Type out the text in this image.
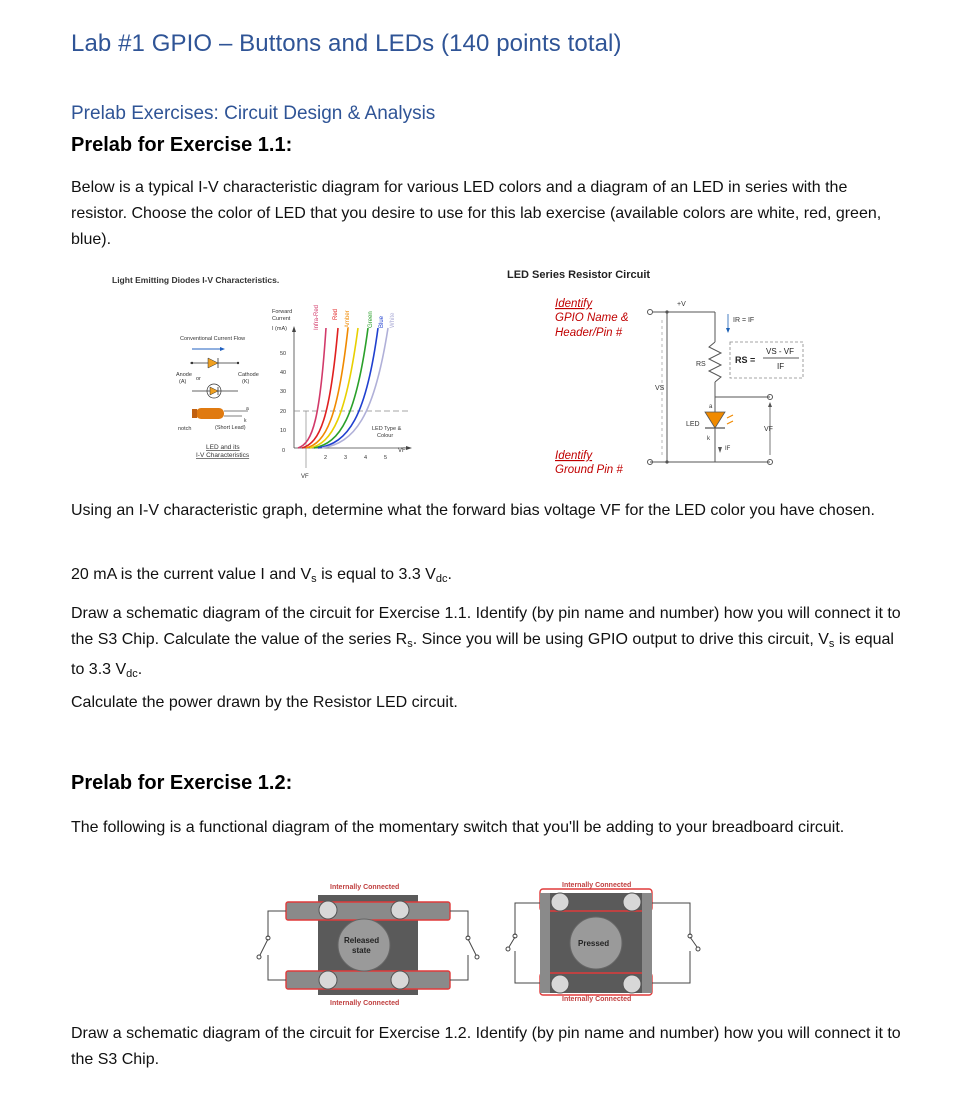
Lab #1 GPIO – Buttons and LEDs (140 points total)
Prelab Exercises: Circuit Design & Analysis
Prelab for Exercise 1.1:
Below is a typical I-V characteristic diagram for various LED colors and a diagram of an LED in series with the resistor. Choose the color of LED that you desire to use for this lab exercise (available colors are white, red, green, blue).
Light Emitting Diodes I-V Characteristics.
Forward
Current
I (mA)
0
10
20
30
40
50
2	3	4	5
VF
VF
Infra-Red Red Amber	Green Blue White
LED Type &
Colour
Conventional Current Flow
Anode
(A)
Cathode
(K)
or
a
k
notch	(Short Lead)
LED and its
I-V Characteristics
LED Series Resistor Circuit
Identify
GPIO Name &
Header/Pin #
Identify
Ground Pin #
+V
VS
RS
LED
a
k
IF
VF
IR = IF
RS =
VS - VF
IF
Using an I-V characteristic graph, determine what the forward bias voltage VF for the LED color you have chosen.
20 mA is the current value I and $V_s$ is equal to 3.3 $V_{dc}$.
Draw a schematic diagram of the circuit for Exercise 1.1. Identify (by pin name and number) how you will connect it to the S3 Chip. Calculate the value of the series $R_s$. Since you will be using GPIO output to drive this circuit, $V_s$ is equal to 3.3 $V_{dc}$.
Calculate the power drawn by the Resistor LED circuit.
Prelab for Exercise 1.2:
The following is a functional diagram of the momentary switch that you'll be adding to your breadboard circuit.
Internally Connected
Internally Connected
Released
state
Internally Connected
Internally Connected
Pressed
Draw a schematic diagram of the circuit for Exercise 1.2. Identify (by pin name and number) how you will connect it to the S3 Chip.
